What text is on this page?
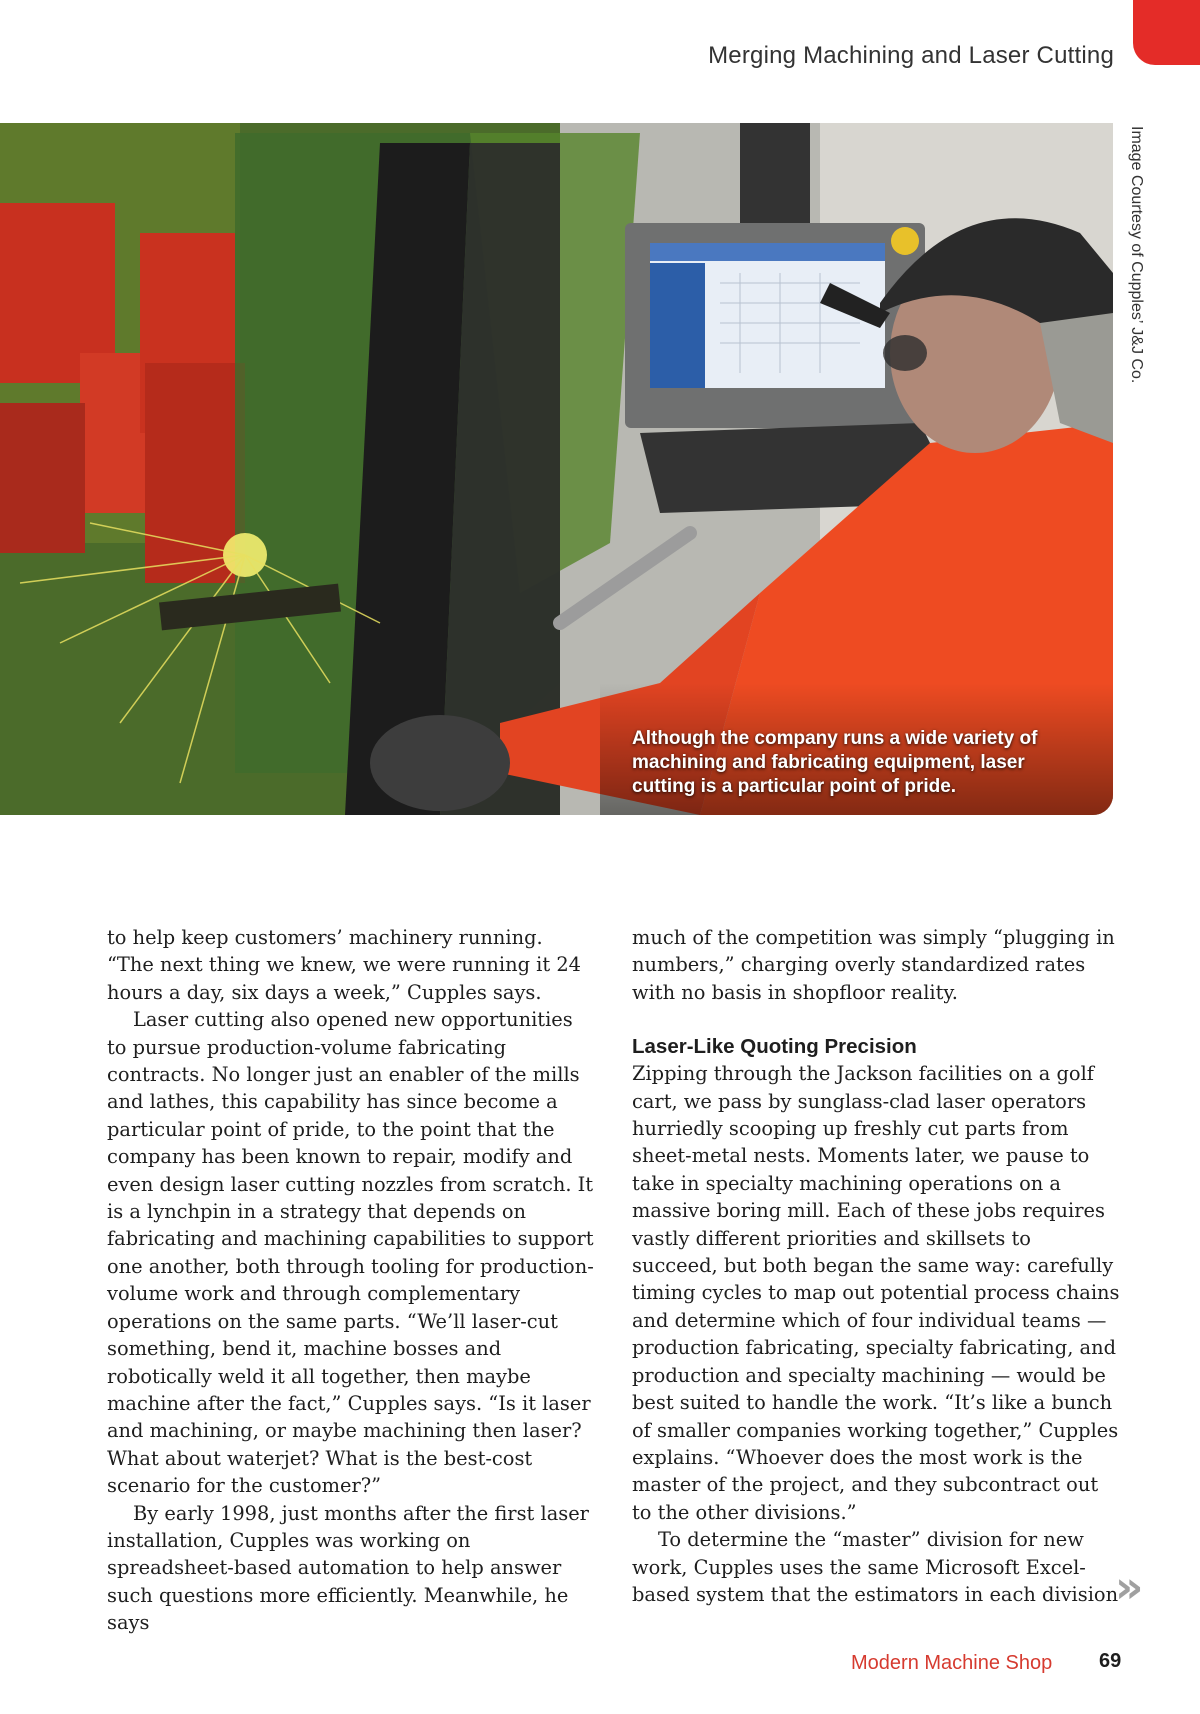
Merging Machining and Laser Cutting
Although the company runs a wide variety of machining and fabricating equipment, laser cutting is a particular point of pride.
Image Courtesy of Cupples’ J&J Co.

to help keep customers’ machinery running. “The next thing we knew, we were running it 24 hours a day, six days a week,” Cupples says.

Laser cutting also opened new opportunities to pursue production-volume fabricating contracts. No longer just an enabler of the mills and lathes, this capability has since become a particular point of pride, to the point that the company has been known to repair, modify and even design laser cutting nozzles from scratch. It is a lynchpin in a strategy that depends on fabricating and machining capabilities to support one another, both through tooling for production-volume work and through complementary operations on the same parts. “We’ll laser-cut something, bend it, machine bosses and robotically weld it all together, then maybe machine after the fact,” Cupples says. “Is it laser and machining, or maybe machining then laser? What about waterjet? What is the best-cost scenario for the customer?”

By early 1998, just months after the first laser installation, Cupples was working on spreadsheet-based automation to help answer such questions more efficiently. Meanwhile, he says

much of the competition was simply “plugging in numbers,” charging overly standardized rates with no basis in shopfloor reality.

Laser-Like Quoting Precision

Zipping through the Jackson facilities on a golf cart, we pass by sunglass-clad laser operators hurriedly scooping up freshly cut parts from sheet-metal nests. Moments later, we pause to take in specialty machining operations on a massive boring mill. Each of these jobs requires vastly different priorities and skillsets to succeed, but both began the same way: carefully timing cycles to map out potential process chains and determine which of four individual teams — production fabricating, specialty fabricating, and production and specialty machining — would be best suited to handle the work. “It’s like a bunch of smaller companies working together,” Cupples explains. “Whoever does the most work is the master of the project, and they subcontract out to the other divisions.”

To determine the “master” division for new work, Cupples uses the same Microsoft Excel-based system that the estimators in each division

»
Modern Machine Shop 69
